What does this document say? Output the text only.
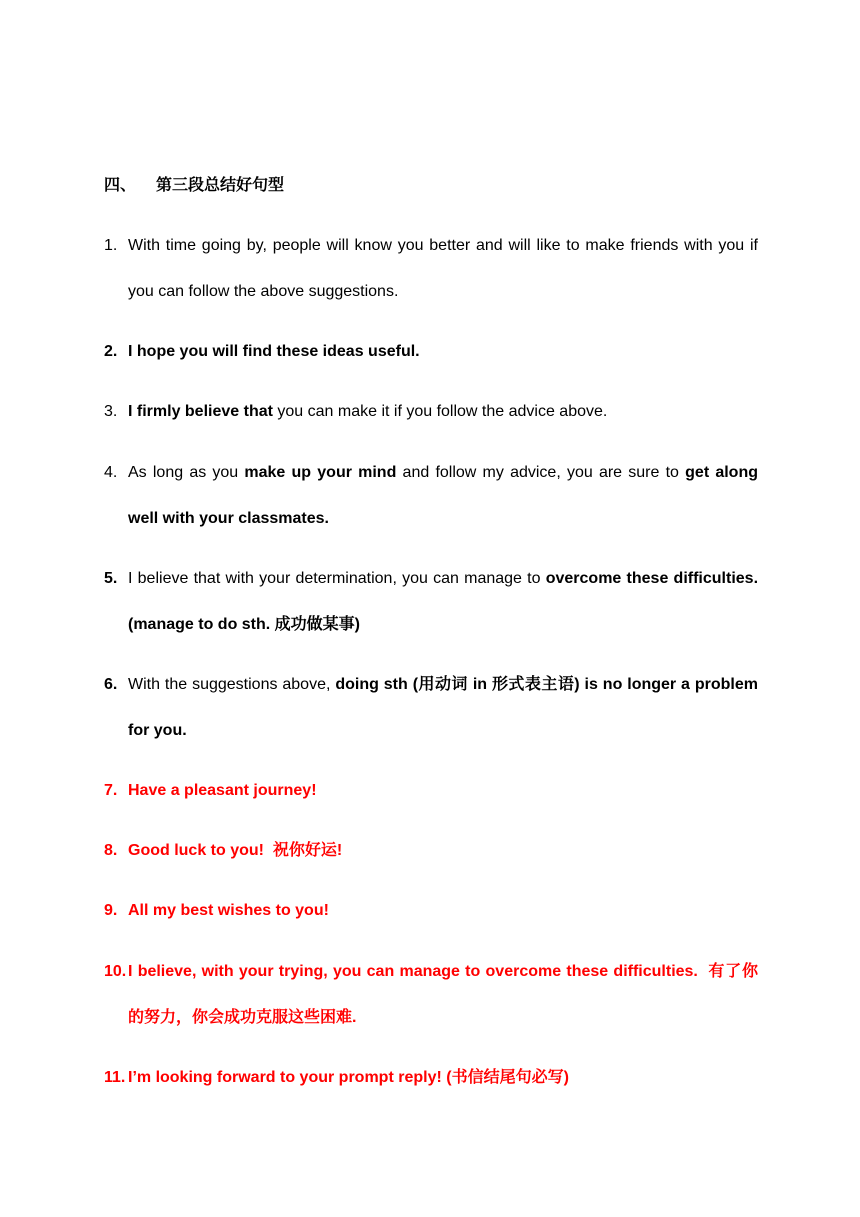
四、 第三段总结好句型
1. With time going by, people will know you better and will like to make friends with you if you can follow the above suggestions.
2. I hope you will find these ideas useful.
3. I firmly believe that you can make it if you follow the advice above.
4. As long as you make up your mind and follow my advice, you are sure to get along well with your classmates.
5. I believe that with your determination, you can manage to overcome these difficulties.    (manage to do sth. 成功做某事)
6. With the suggestions above, doing sth (用动词 in 形式表主语) is no longer a problem for you.
7. Have a pleasant journey!
8. Good luck to you!  祝你好运!
9. All my best wishes to you!
10. I believe, with your trying, you can manage to overcome these difficulties.  有了你的努力，你会成功克服这些困难.
11. I’m looking forward to your prompt reply! (书信结尾句必写)
